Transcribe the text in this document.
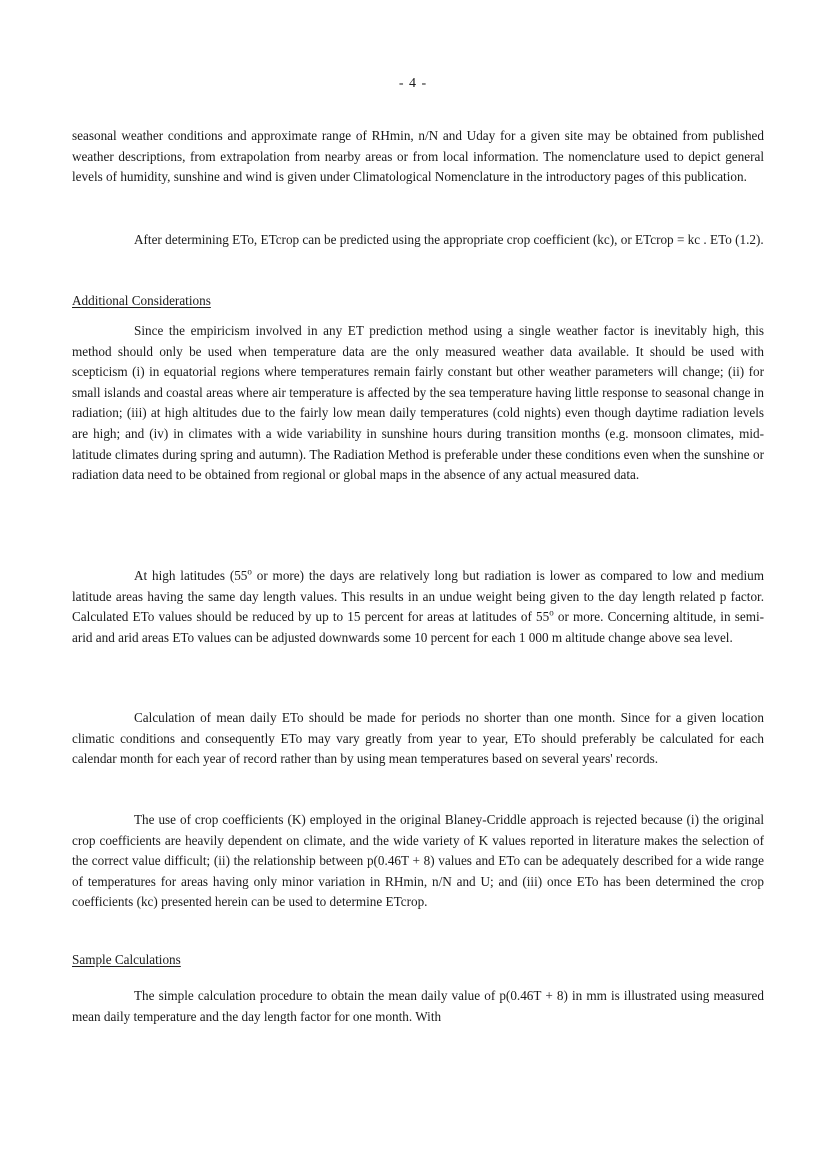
- 4 -

seasonal weather conditions and approximate range of RHmin, n/N and Uday for a given site may be obtained from published weather descriptions, from extrapolation from nearby areas or from local information. The nomenclature used to depict general levels of humidity, sunshine and wind is given under Climatological Nomenclature in the introductory pages of this publication.

After determining ETo, ETcrop can be predicted using the appropriate crop coefficient (kc), or ETcrop = kc . ETo (1.2).

Additional Considerations

Since the empiricism involved in any ET prediction method using a single weather factor is inevitably high, this method should only be used when temperature data are the only measured weather data available. It should be used with scepticism (i) in equatorial regions where temperatures remain fairly constant but other weather parameters will change; (ii) for small islands and coastal areas where air temperature is affected by the sea temperature having little response to seasonal change in radiation; (iii) at high altitudes due to the fairly low mean daily temperatures (cold nights) even though daytime radiation levels are high; and (iv) in climates with a wide variability in sunshine hours during transition months (e.g. monsoon climates, mid-latitude climates during spring and autumn). The Radiation Method is preferable under these conditions even when the sunshine or radiation data need to be obtained from regional or global maps in the absence of any actual measured data.

At high latitudes (55$^o$ or more) the days are relatively long but radiation is lower as compared to low and medium latitude areas having the same day length values. This results in an undue weight being given to the day length related p factor. Calculated ETo values should be reduced by up to 15 percent for areas at latitudes of 55$^o$ or more. Concerning altitude, in semi-arid and arid areas ETo values can be adjusted downwards some 10 percent for each 1 000 m altitude change above sea level.

Calculation of mean daily ETo should be made for periods no shorter than one month. Since for a given location climatic conditions and consequently ETo may vary greatly from year to year, ETo should preferably be calculated for each calendar month for each year of record rather than by using mean temperatures based on several years' records.

The use of crop coefficients (K) employed in the original Blaney-Criddle approach is rejected because (i) the original crop coefficients are heavily dependent on climate, and the wide variety of K values reported in literature makes the selection of the correct value difficult; (ii) the relationship between p(0.46T + 8) values and ETo can be adequately described for a wide range of temperatures for areas having only minor variation in RHmin, n/N and U; and (iii) once ETo has been determined the crop coefficients (kc) presented herein can be used to determine ETcrop.

Sample Calculations

The simple calculation procedure to obtain the mean daily value of p(0.46T + 8) in mm is illustrated using measured mean daily temperature and the day length factor for one month. With
